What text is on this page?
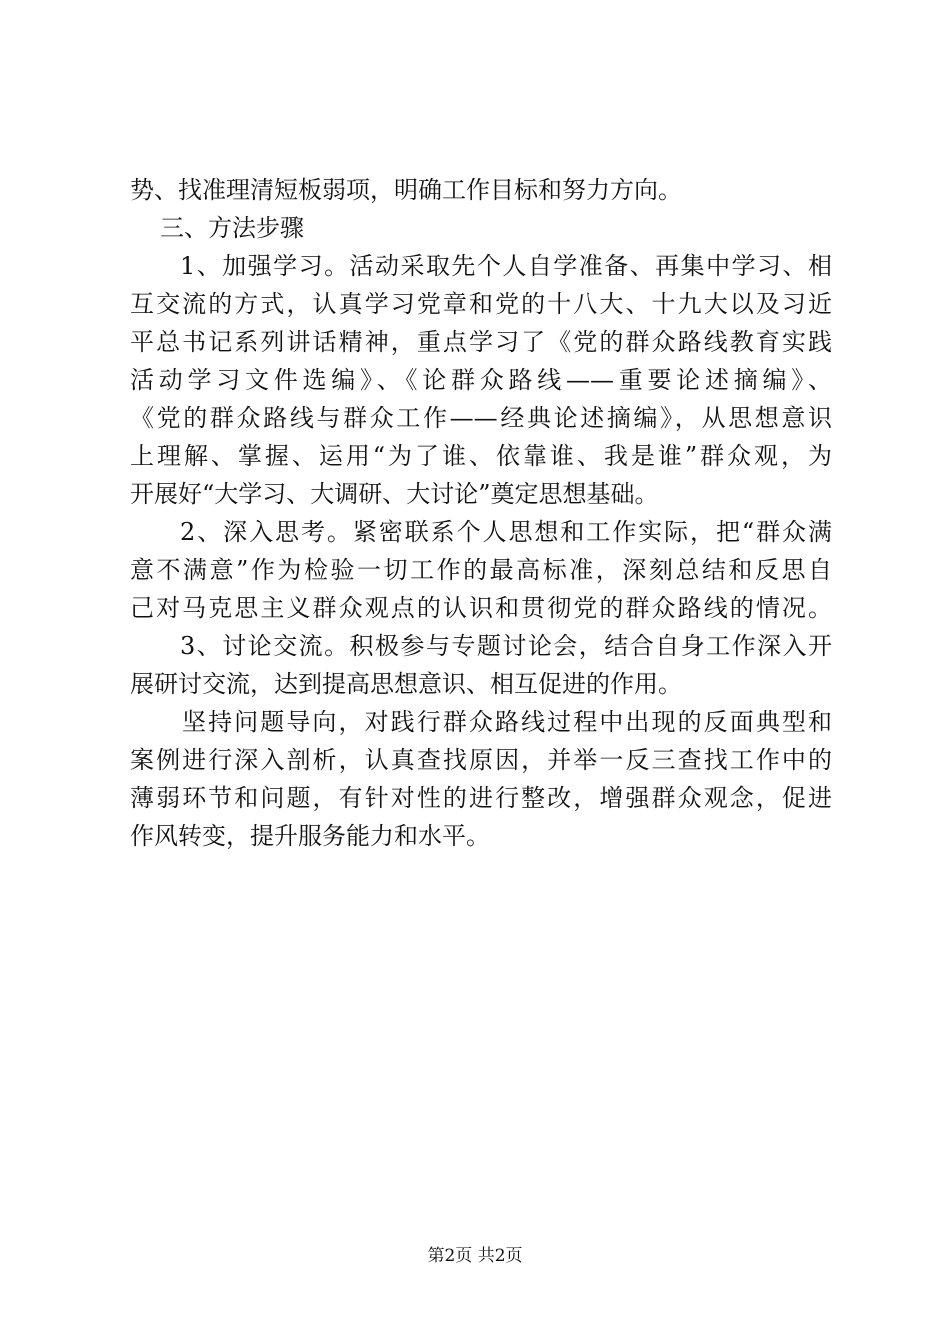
势、找准理清短板弱项，明确工作目标和努力方向。
三、方法步骤
1、加强学习。活动采取先个人自学准备、再集中学习、相
互交流的方式，认真学习党章和党的十八大、十九大以及习近
平总书记系列讲话精神，重点学习了《党的群众路线教育实践
活动学习文件选编》、《论群众路线——重要论述摘编》、
《党的群众路线与群众工作——经典论述摘编》，从思想意识
上理解、掌握、运用“为了谁、依靠谁、我是谁”群众观，为
开展好“大学习、大调研、大讨论”奠定思想基础。
2、深入思考。紧密联系个人思想和工作实际，把“群众满
意不满意”作为检验一切工作的最高标准，深刻总结和反思自
己对马克思主义群众观点的认识和贯彻党的群众路线的情况。
3、讨论交流。积极参与专题讨论会，结合自身工作深入开
展研讨交流，达到提高思想意识、相互促进的作用。
坚持问题导向，对践行群众路线过程中出现的反面典型和
案例进行深入剖析，认真查找原因，并举一反三查找工作中的
薄弱环节和问题，有针对性的进行整改，增强群众观念，促进
作风转变，提升服务能力和水平。
第2页 共2页
